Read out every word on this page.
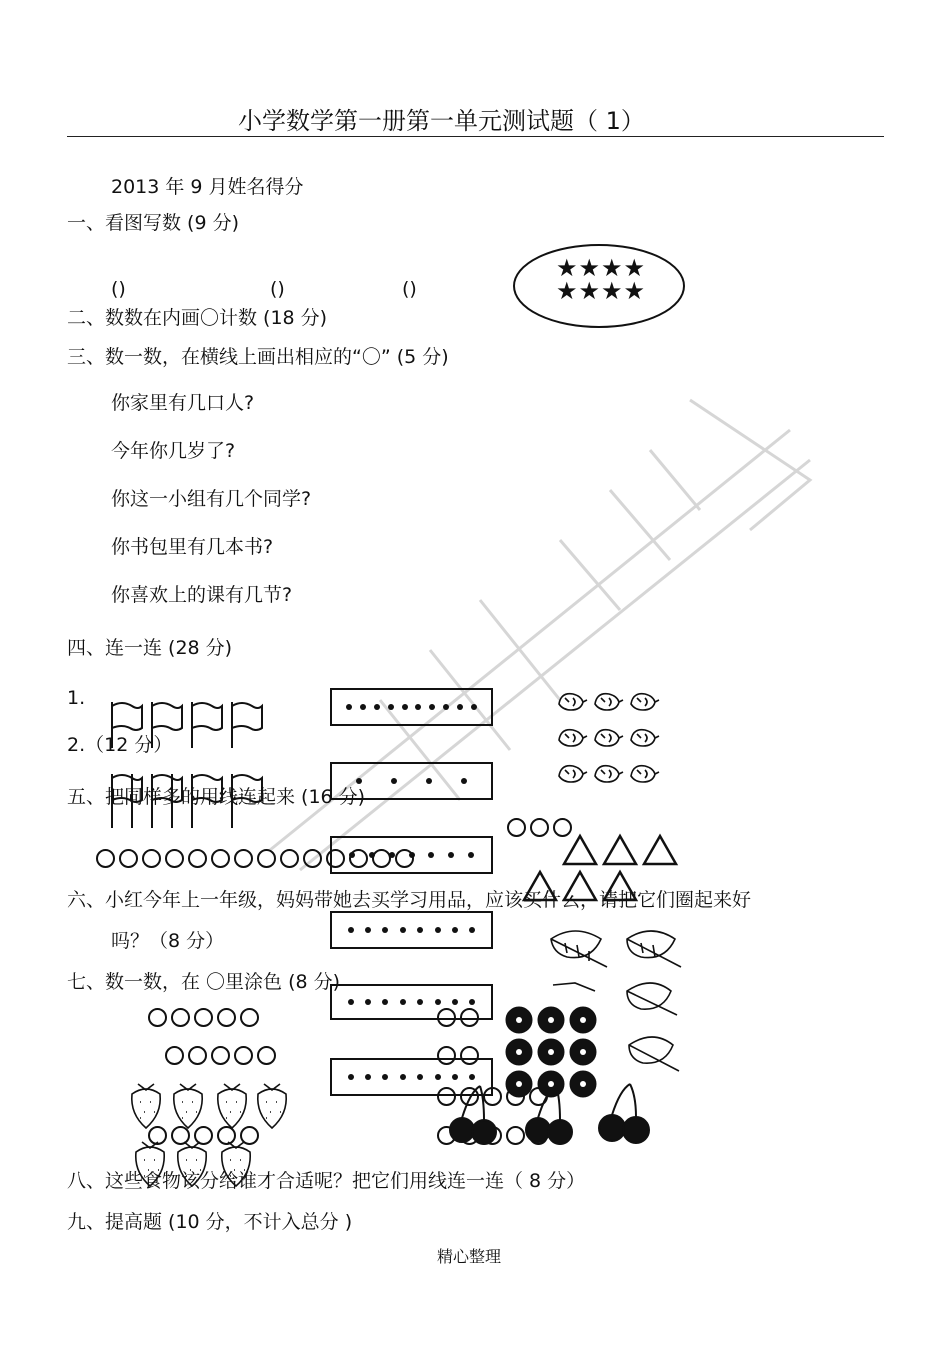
小学数学第一册第一单元测试题（ 1）
2013 年 9 月姓名得分
一、看图写数 (9 分)
()	()	()
★★★★
★★★★
二、数数在内画〇计数 (18 分)
三、数一数，在横线上画出相应的“〇” (5 分)
你家里有几口人?
今年你几岁了?
你这一小组有几个同学?
你书包里有几本书?
你喜欢上的课有几节?
四、连一连 (28 分)
1.
2.（12 分）
五、把同样多的用线连起来 (16 分)
六、小红今年上一年级，妈妈带她去买学习用品，应该买什么，请把它们圈起来好
吗？（8 分）
七、数一数，在 〇里涂色 (8 分)
八、这些食物该分给谁才合适呢？把它们用线连一连（ 8 分）
九、提高题 (10 分，不计入总分 )
精心整理
